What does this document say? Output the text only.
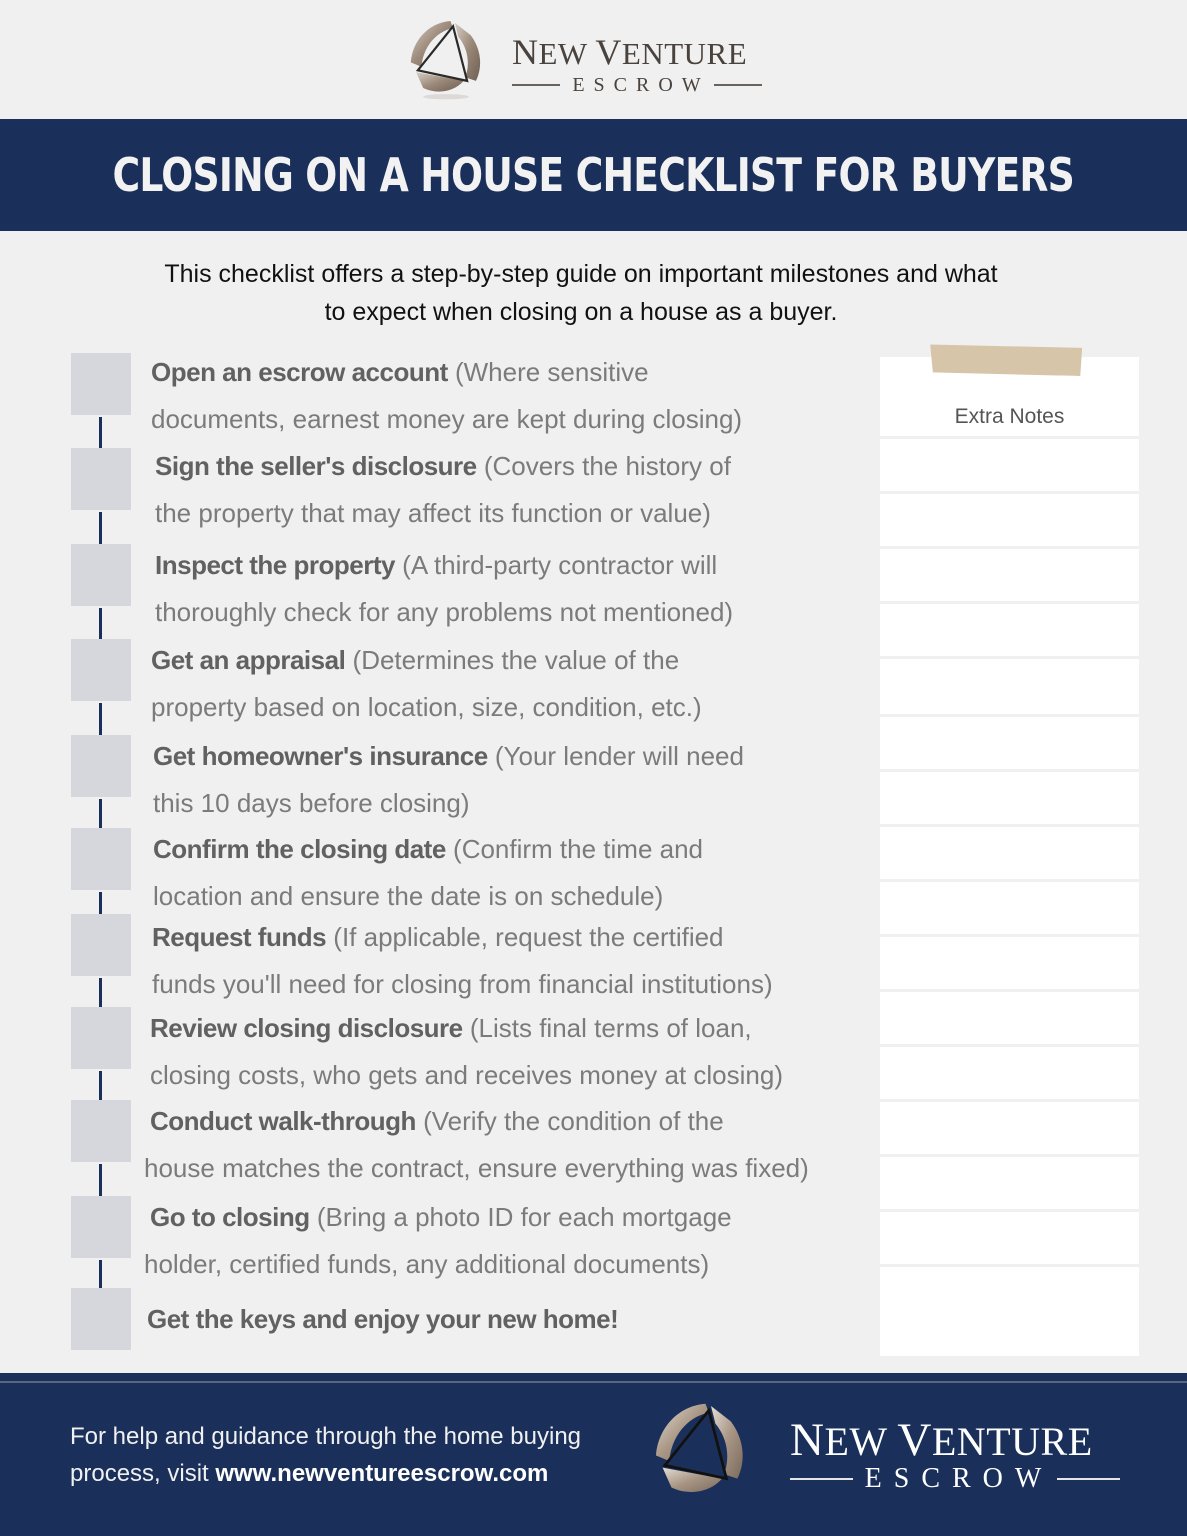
NEW VENTURE
ESCROW
CLOSING ON A HOUSE CHECKLIST FOR BUYERS
This checklist offers a step-by-step guide on important milestones and what
to expect when closing on a house as a buyer.
Open an escrow account (Where sensitive
documents, earnest money are kept during closing)
Sign the seller's disclosure (Covers the history of
the property that may affect its function or value)
Inspect the property (A third-party contractor will
thoroughly check for any problems not mentioned)
Get an appraisal (Determines the value of the
property based on location, size, condition, etc.)
Get homeowner's insurance (Your lender will need
this 10 days before closing)
Confirm the closing date (Confirm the time and
location and ensure the date is on schedule)
Request funds (If applicable, request the certified
funds you'll need for closing from financial institutions)
Review closing disclosure (Lists final terms of loan,
closing costs, who gets and receives money at closing)
Conduct walk-through (Verify the condition of the
house matches the contract, ensure everything was fixed)
Go to closing (Bring a photo ID for each mortgage
holder, certified funds, any additional documents)
Get the keys and enjoy your new home!
Extra Notes
For help and guidance through the home buying
process, visit www.newventureescrow.com
NEW VENTURE
ESCROW
